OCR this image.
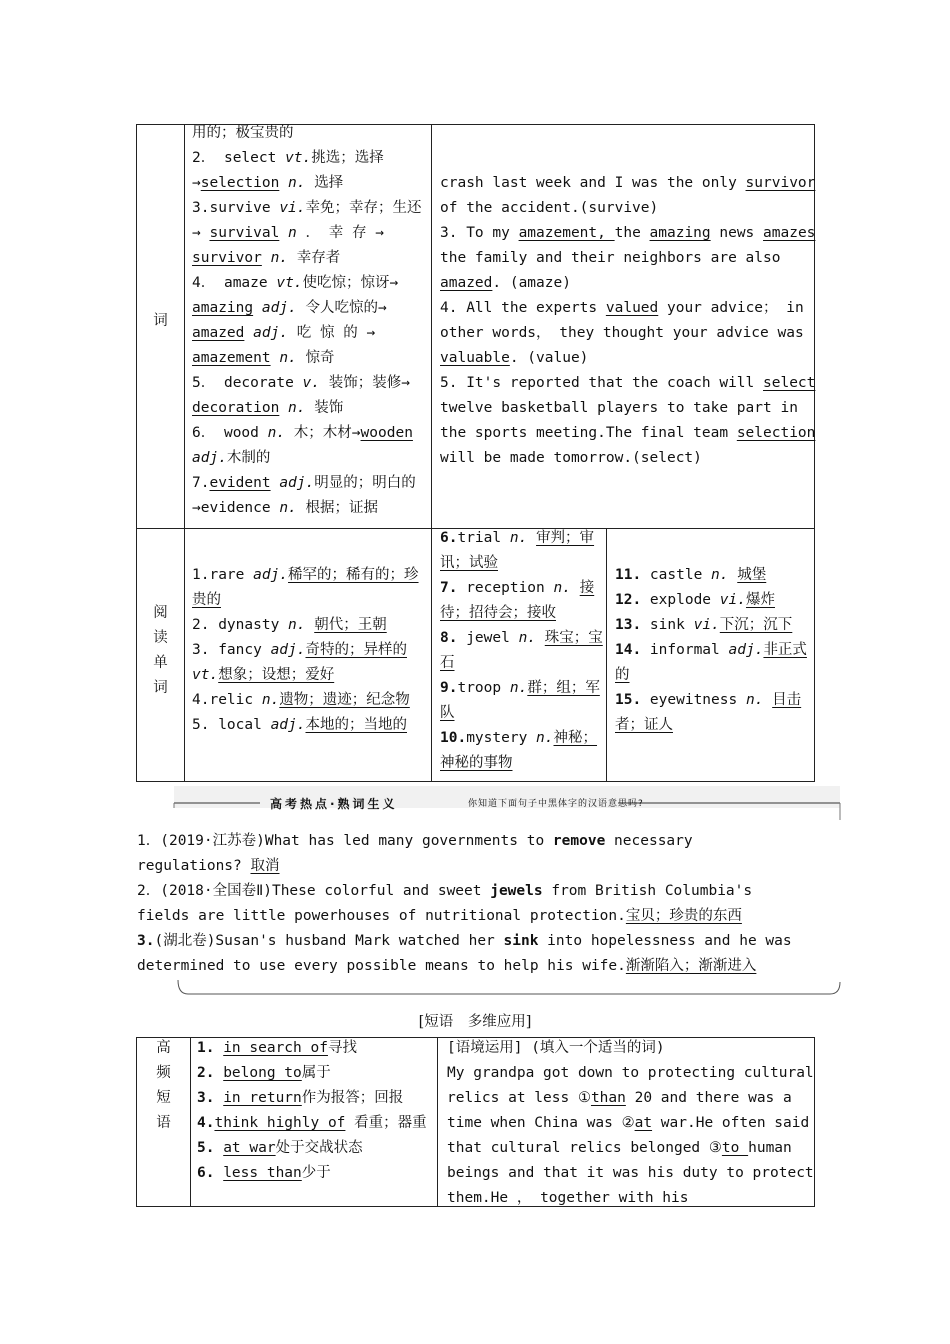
词
用的；极宝贵的
2． select vt.挑选；选择
→selection n. 选择
3.survive vi.幸免；幸存；生还
→ survival n ． 幸 存 →
survivor n. 幸存者
4． amaze vt.使吃惊；惊讶→
amazing adj. 令人吃惊的→
amazed adj. 吃 惊 的 →
amazement n. 惊奇
5． decorate v. 装饰；装修→
decoration n. 装饰
6． wood n. 木；木材→wooden
adj.木制的
7.evident adj.明显的；明白的
→evidence n. 根据；证据
crash last week and I was the only survivor
of the accident.(survive)
3. To my amazement, the amazing news amazes
the family and their neighbors are also
amazed. (amaze)
4. All the experts valued your advice； in
other words， they thought your advice was
valuable. (value)
5. It's reported that the coach will select
twelve basketball players to take part in
the sports meeting.The final team selection
will be made tomorrow.(select)
阅
读
单
词
1.rare adj.稀罕的；稀有的；珍
贵的
2. dynasty n. 朝代；王朝
3. fancy adj.奇特的；异样的
vt.想象；设想；爱好
4.relic n.遗物；遗迹；纪念物
5. local adj.本地的；当地的
6.trial n. 审判；审
讯；试验
7. reception n. 接
待；招待会；接收
8. jewel n. 珠宝；宝
石
9.troop n.群；组；军
队
10.mystery n.神秘；
神秘的事物
11. castle n. 城堡
12. explode vi.爆炸
13. sink vi.下沉；沉下
14. informal adj.非正式
的
15. eyewitness n. 目击
者；证人
高考热点·熟词生义	你知道下面句子中黑体字的汉语意思吗?
1．(2019·江苏卷)What has led many governments to remove necessary
regulations? 取消
2．(2018·全国卷Ⅱ)These colorful and sweet jewels from British Columbia's
fields are little powerhouses of nutritional protection.宝贝；珍贵的东西
3.(湖北卷)Susan's husband Mark watched her sink into hopelessness and he was
determined to use every possible means to help his wife.渐渐陷入；渐渐进入
[短语　多维应用]
高
频
短
语
1. in search of寻找
2. belong to属于
3. in return作为报答；回报
4.think highly of 看重；器重
5. at war处于交战状态
6. less than少于
[语境运用] (填入一个适当的词)
My grandpa got down to protecting cultural
relics at less ①than 20 and there was a
time when China was ②at war.He often said
that cultural relics belonged ③to human
beings and that it was his duty to protect
them.He ， together with his
